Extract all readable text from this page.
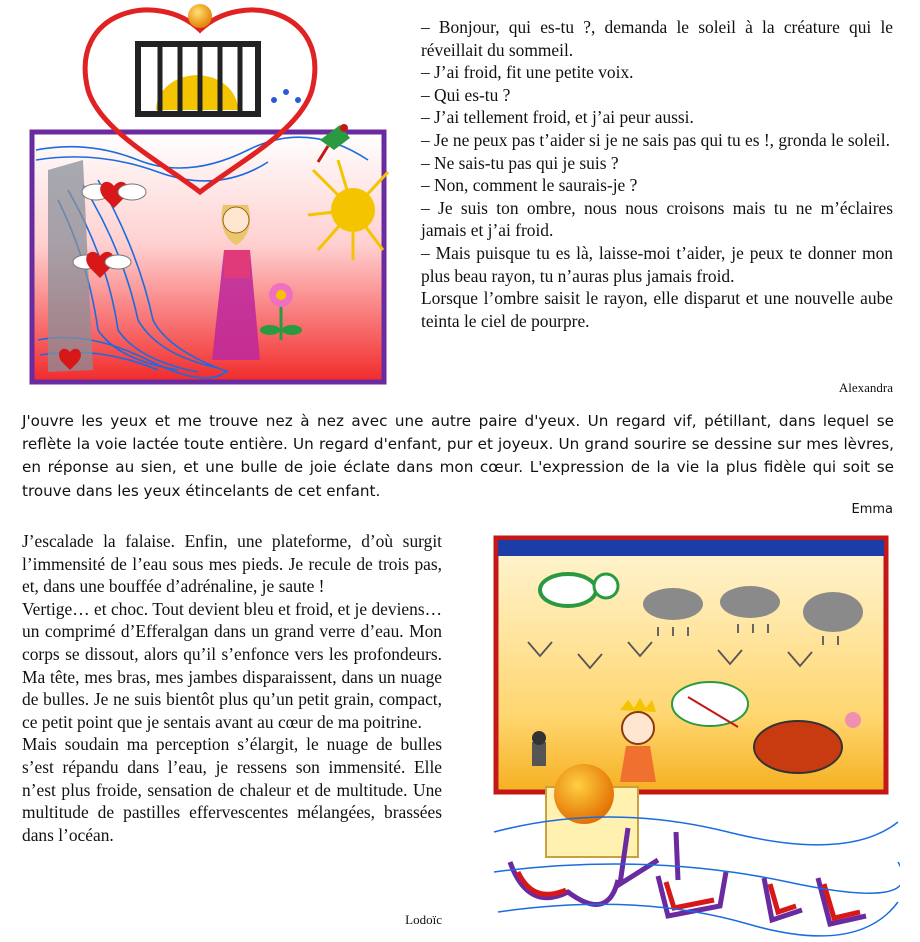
– Bonjour, qui es-tu ?, demanda le soleil à la créature qui le réveillait du sommeil.

– J’ai froid, fit une petite voix.

– Qui es-tu ?

– J’ai tellement froid, et j’ai peur aussi.

– Je ne peux pas t’aider si je ne sais pas qui tu es !, gronda le soleil.

– Ne sais-tu pas qui je suis ?

– Non, comment le saurais-je ?

– Je suis ton ombre, nous nous croisons mais tu ne m’éclaires jamais et j’ai froid.

– Mais puisque tu es là, laisse-moi t’aider, je peux te donner mon plus beau rayon, tu n’auras plus jamais froid.

Lorsque l’ombre saisit le rayon, elle disparut et une nouvelle aube teinta le ciel de pourpre.

Alexandra

J'ouvre les yeux et me trouve nez à nez avec une autre paire d'yeux. Un regard vif, pétillant, dans lequel se reflète la voie lactée toute entière. Un regard d'enfant, pur et joyeux. Un grand sourire se dessine sur mes lèvres, en réponse au sien, et une bulle de joie éclate dans mon cœur. L'expression de la vie la plus fidèle qui soit se trouve dans les yeux étincelants de cet enfant.

Emma

J’escalade la falaise. Enfin, une plateforme, d’où surgit l’immensité de l’eau sous mes pieds. Je recule de trois pas, et, dans une bouffée d’adrénaline, je saute !

Vertige… et choc. Tout devient bleu et froid, et je deviens… un comprimé d’Efferalgan dans un grand verre d’eau. Mon corps se dissout, alors qu’il s’enfonce vers les profondeurs. Ma tête, mes bras, mes jambes disparaissent, dans un nuage de bulles. Je ne suis bientôt plus qu’un petit grain, compact, ce petit point que je sentais avant au cœur de ma poitrine.

Mais soudain ma perception s’élargit, le nuage de bulles s’est répandu dans l’eau, je ressens son immensité. Elle n’est plus froide, sensation de chaleur et de multitude. Une multitude de pastilles effervescentes mélangées, brassées dans l’océan.

Lodoïc
